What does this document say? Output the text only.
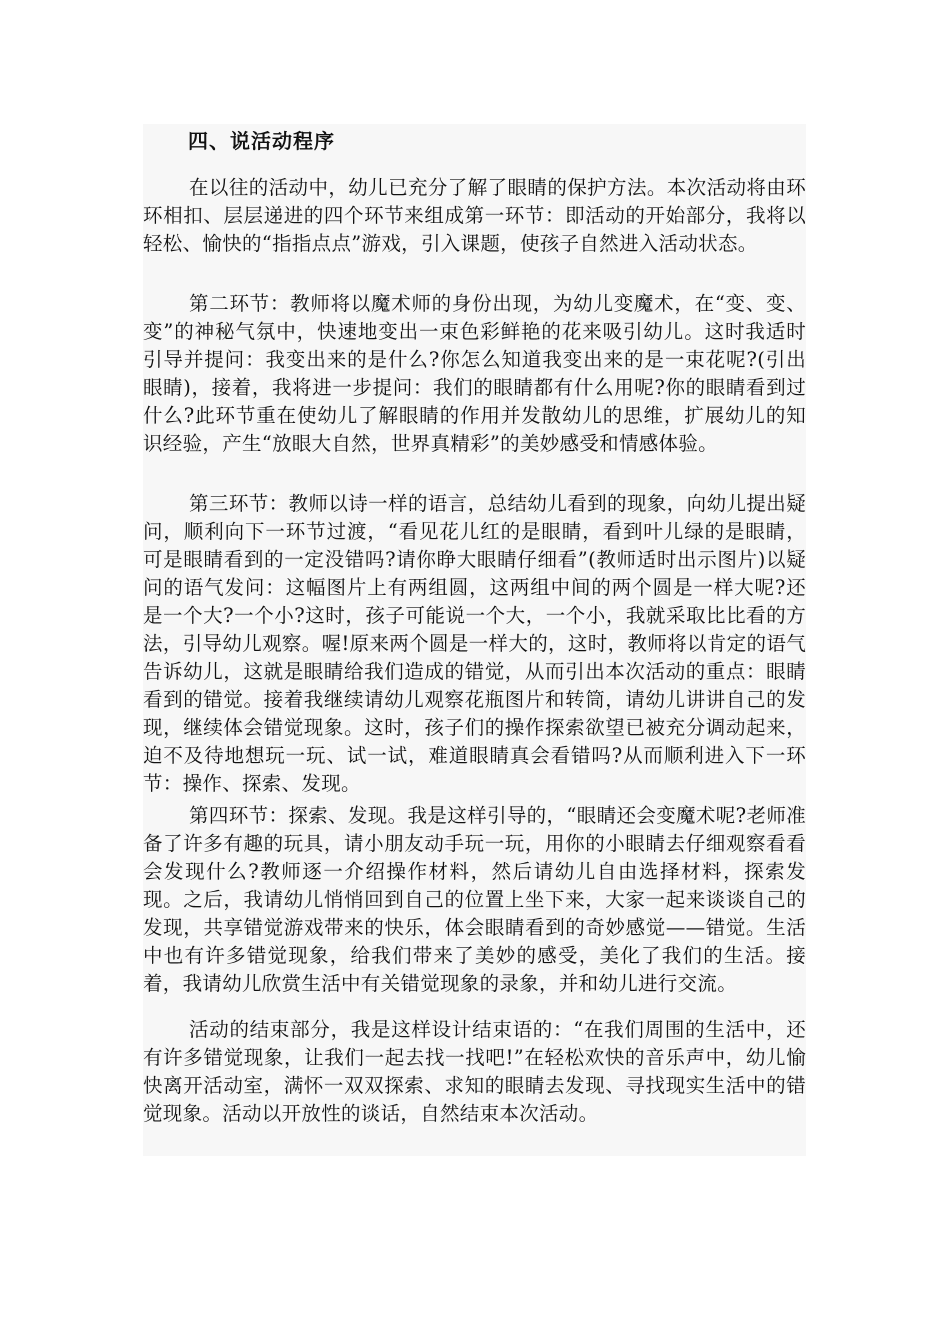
四、说活动程序

在以往的活动中，幼儿已充分了解了眼睛的保护方法。本次活动将由环环相扣、层层递进的四个环节来组成第一环节：即活动的开始部分，我将以轻松、愉快的“指指点点”游戏，引入课题，使孩子自然进入活动状态。

第二环节：教师将以魔术师的身份出现，为幼儿变魔术，在“变、变、变”的神秘气氛中，快速地变出一束色彩鲜艳的花来吸引幼儿。这时我适时引导并提问：我变出来的是什么?你怎么知道我变出来的是一束花呢?(引出眼睛)，接着，我将进一步提问：我们的眼睛都有什么用呢?你的眼睛看到过什么?此环节重在使幼儿了解眼睛的作用并发散幼儿的思维，扩展幼儿的知识经验，产生“放眼大自然，世界真精彩”的美妙感受和情感体验。

第三环节：教师以诗一样的语言，总结幼儿看到的现象，向幼儿提出疑问，顺利向下一环节过渡，“看见花儿红的是眼睛，看到叶儿绿的是眼睛，可是眼睛看到的一定没错吗?请你睁大眼睛仔细看”(教师适时出示图片)以疑问的语气发问：这幅图片上有两组圆，这两组中间的两个圆是一样大呢?还是一个大?一个小?这时，孩子可能说一个大，一个小，我就采取比比看的方法，引导幼儿观察。喔!原来两个圆是一样大的，这时，教师将以肯定的语气告诉幼儿，这就是眼睛给我们造成的错觉，从而引出本次活动的重点：眼睛看到的错觉。接着我继续请幼儿观察花瓶图片和转筒，请幼儿讲讲自己的发现，继续体会错觉现象。这时，孩子们的操作探索欲望已被充分调动起来，迫不及待地想玩一玩、试一试，难道眼睛真会看错吗?从而顺利进入下一环节：操作、探索、发现。

第四环节：探索、发现。我是这样引导的，“眼睛还会变魔术呢?老师准备了许多有趣的玩具，请小朋友动手玩一玩，用你的小眼睛去仔细观察看看会发现什么?教师逐一介绍操作材料，然后请幼儿自由选择材料，探索发现。之后，我请幼儿悄悄回到自己的位置上坐下来，大家一起来谈谈自己的发现，共享错觉游戏带来的快乐，体会眼睛看到的奇妙感觉——错觉。生活中也有许多错觉现象，给我们带来了美妙的感受，美化了我们的生活。接着，我请幼儿欣赏生活中有关错觉现象的录象，并和幼儿进行交流。

活动的结束部分，我是这样设计结束语的：“在我们周围的生活中，还有许多错觉现象，让我们一起去找一找吧!”在轻松欢快的音乐声中，幼儿愉快离开活动室，满怀一双双探索、求知的眼睛去发现、寻找现实生活中的错觉现象。活动以开放性的谈话，自然结束本次活动。
